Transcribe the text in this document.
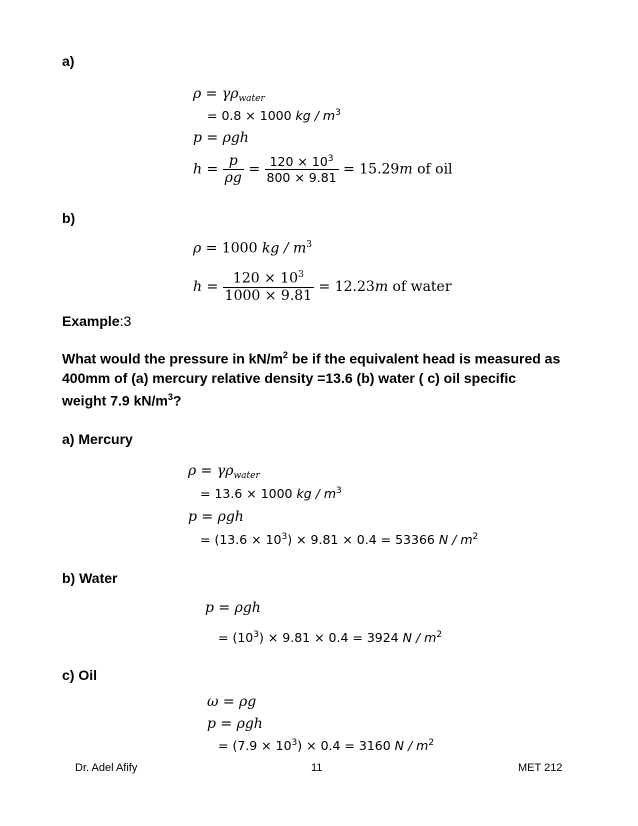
a)
$\rho = \gamma\rho_{water}$
= 0.8 × 1000 kg / $m^3$
p = ρgh
$h = \frac{p}{\rho g} = \frac{120 \times 10^3}{800 \times 9.81} = 15.29m$ of oil
b)
ρ = 1000 kg / $m^3$
$h = \frac{120 \times 10^3}{1000 \times 9.81} = 12.23m$ of water
Example:3
What would the pressure in $kN/m^2$ be if the equivalent head is measured as 400mm of (a) mercury relative density =13.6 (b) water ( c) oil specific weight 7.9 $kN/m^3$?
a) Mercury
$\rho = \gamma\rho_{water}$
= 13.6 × 1000 kg / $m^3$
p = ρgh
= $(13.6 \times 10^3) \times 9.81 \times 0.4 = 53366$ N / $m^2$
b) Water
p = ρgh
= $(10^3) \times 9.81 \times 0.4 = 3924$ N / $m^2$
c) Oil
ω = ρg
p = ρgh
= $(7.9 \times 10^3) \times 0.4 = 3160$ N / $m^2$
Dr. Adel Afify	11	MET 212
